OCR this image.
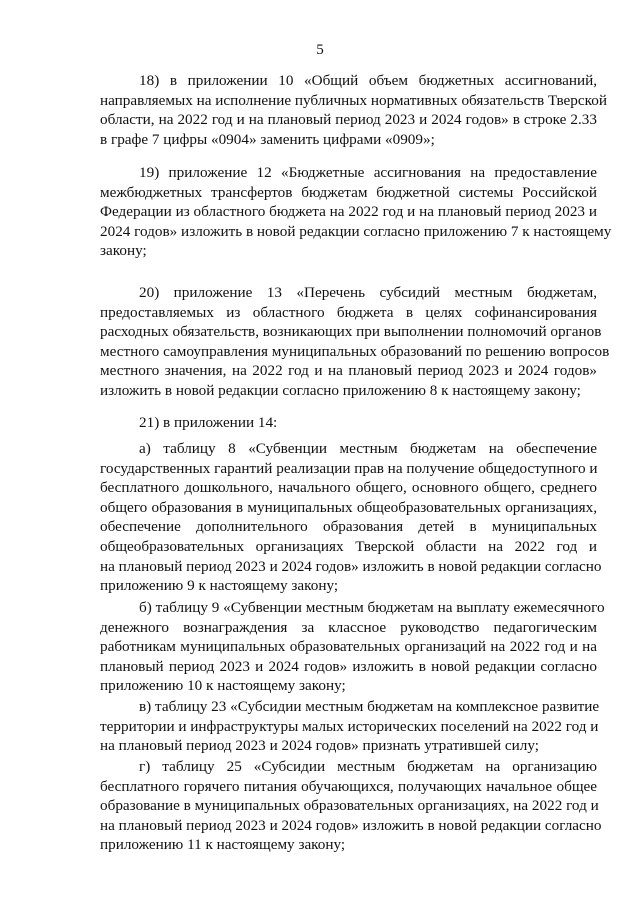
5
18) в приложении 10 «Общий объем бюджетных ассигнований,
направляемых на исполнение публичных нормативных обязательств Тверской
области, на 2022 год и на плановый период 2023 и 2024 годов» в строке 2.33
в графе 7 цифры «0904» заменить цифрами «0909»;
19) приложение 12 «Бюджетные ассигнования на предоставление
межбюджетных трансфертов бюджетам бюджетной системы Российской
Федерации из областного бюджета на 2022 год и на плановый период 2023 и
2024 годов» изложить в новой редакции согласно приложению 7 к настоящему
закону;
20) приложение 13 «Перечень субсидий местным бюджетам,
предоставляемых из областного бюджета в целях софинансирования
расходных обязательств, возникающих при выполнении полномочий органов
местного самоуправления муниципальных образований по решению вопросов
местного значения, на 2022 год и на плановый период 2023 и 2024 годов»
изложить в новой редакции согласно приложению 8 к настоящему закону;
21) в приложении 14:
а) таблицу 8 «Субвенции местным бюджетам на обеспечение
государственных гарантий реализации прав на получение общедоступного и
бесплатного дошкольного, начального общего, основного общего, среднего
общего образования в муниципальных общеобразовательных организациях,
обеспечение дополнительного образования детей в муниципальных
общеобразовательных организациях Тверской области на 2022 год и
на плановый период 2023 и 2024 годов» изложить в новой редакции согласно
приложению 9 к настоящему закону;
б) таблицу 9 «Субвенции местным бюджетам на выплату ежемесячного
денежного вознаграждения за классное руководство педагогическим
работникам муниципальных образовательных организаций на 2022 год и на
плановый период 2023 и 2024 годов» изложить в новой редакции согласно
приложению 10 к настоящему закону;
в) таблицу 23 «Субсидии местным бюджетам на комплексное развитие
территории и инфраструктуры малых исторических поселений на 2022 год и
на плановый период 2023 и 2024 годов» признать утратившей силу;
г) таблицу 25 «Субсидии местным бюджетам на организацию
бесплатного горячего питания обучающихся, получающих начальное общее
образование в муниципальных образовательных организациях, на 2022 год и
на плановый период 2023 и 2024 годов» изложить в новой редакции согласно
приложению 11 к настоящему закону;
